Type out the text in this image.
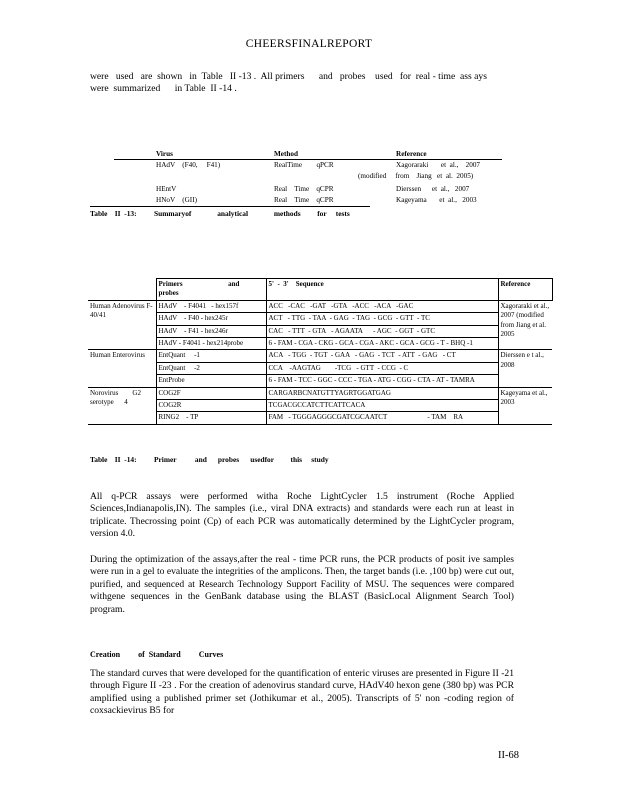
CHEERSFINALREPORT
were   used   are  shown   in  Table   II -13 .  All primers      and   probes    used   for  real - time  ass ays
were  summarized      in Table  II -14 .
Virus	Method	Reference
HAdV    (F40,     F41)	RealTime        qPCR	Xagoraraki       et  al.,    2007
(modified     from    Jiang   et  al.  2005)
HEntV	Real    Time    qCPR	Dierssen      et  al.,   2007
HNoV    (GII)	Real    Time    qCPR	Kageyama       et  al.,   2003
Table    II  -13: Summaryof              analytical              methods         for     tests

	Primers                          and
probes	5'  -  3'    Sequence	Reference
Human Adenovirus F- 40/41	HAdV    - F4041   - hex157f	ACC   -CAC   -GAT   -GTA   -ACC   -ACA   -GAC	Xagoraraki et al., 2007 (modified from Jiang et al. 2005
	HAdV    - F40 - hex245r	ACT   - TTG  - TAA  - GAG  - TAG  - GCG  - GTT  - TC	
	HAdV    - F41 - hex246r	CAC   - TTT  - GTA   - AGAATA      - AGC  - GGT  - GTC	
	HAdV - F4041 - hex214probe	6 - FAM - CGA - CKG - GCA - CGA - AKC - GCA - GCG - T - BHQ -1	
Human Enterovirus	EntQuant     -1	ACA   - TGG  - TGT  - GAA   - GAG  - TCT  - ATT  - GAG   - CT	Dierssen e t al., 2008
	EntQuant     -2	CCA    -AAGTAG        -TCG   - GTT  - CCG  - C	
	EntProbe	6 - FAM - TCC - GGC - CCC - TGA - ATG - CGG - CTA - AT - TAMRA	
Norovirus        G2 serotype      4	COG2F	CARGARBCNATGTTYAGRTGGATGAG	Kageyama et al., 2003
	COG2R	TCGACGCCATCTTCATTCACA	
	RING2    - TP	FAM   - TGGGAGGGCGATCGCAATCT                       - TAM    RA	
Table    II  -14: Primer          and      probes      usedfor         this     study
All q-PCR assays were performed witha Roche LightCycler 1.5 instrument (Roche Applied Sciences,Indianapolis,IN). The samples (i.e., viral DNA extracts) and standards were each run at least in triplicate. Thecrossing point (Cp) of each PCR was automatically determined by the LightCycler program, version 4.0.
During the optimization of the assays,after the real - time PCR runs, the PCR products of posit ive samples were run in a gel to evaluate the integrities of the amplicons. Then, the target bands (i.e. ,100 bp) were cut out, purified, and sequenced at Research Technology Support Facility of MSU. The sequences were compared withgene sequences in the GenBank database using the BLAST (BasicLocal Alignment Search Tool) program.
Creation         of  Standard         Curves
The standard curves that were developed for the quantification of enteric viruses are presented in Figure II -21 through Figure II -23 . For the creation of adenovirus standard curve, HAdV40 hexon gene (380 bp) was PCR amplified using a published primer set (Jothikumar et al., 2005). Transcripts of 5' non -coding region of coxsackievirus B5 for
II-68
